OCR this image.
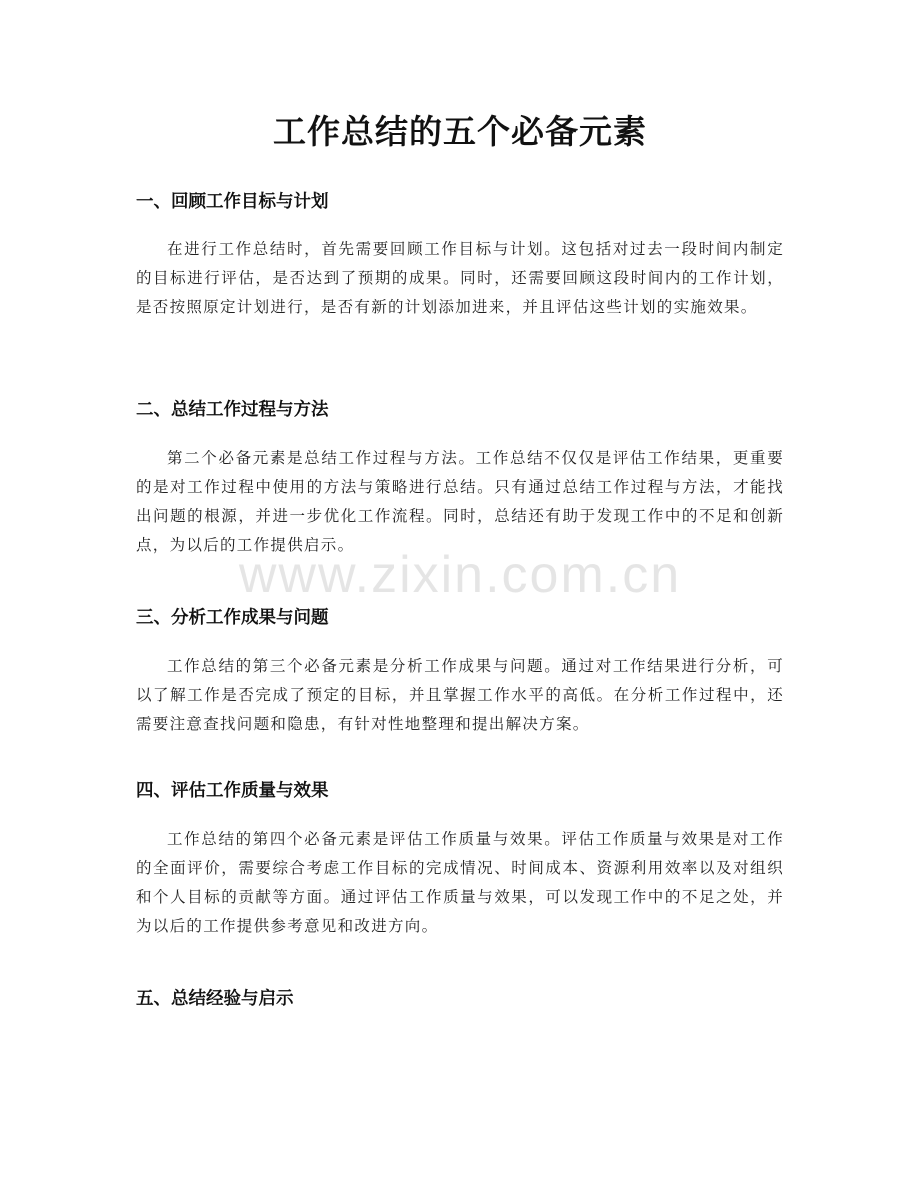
工作总结的五个必备元素
一、回顾工作目标与计划

在进行工作总结时，首先需要回顾工作目标与计划。这包括对过去一段时间内制定的目标进行评估，是否达到了预期的成果。同时，还需要回顾这段时间内的工作计划，是否按照原定计划进行，是否有新的计划添加进来，并且评估这些计划的实施效果。

二、总结工作过程与方法

第二个必备元素是总结工作过程与方法。工作总结不仅仅是评估工作结果，更重要的是对工作过程中使用的方法与策略进行总结。只有通过总结工作过程与方法，才能找出问题的根源，并进一步优化工作流程。同时，总结还有助于发现工作中的不足和创新点，为以后的工作提供启示。

三、分析工作成果与问题

工作总结的第三个必备元素是分析工作成果与问题。通过对工作结果进行分析，可以了解工作是否完成了预定的目标，并且掌握工作水平的高低。在分析工作过程中，还需要注意查找问题和隐患，有针对性地整理和提出解决方案。

四、评估工作质量与效果

工作总结的第四个必备元素是评估工作质量与效果。评估工作质量与效果是对工作的全面评价，需要综合考虑工作目标的完成情况、时间成本、资源利用效率以及对组织和个人目标的贡献等方面。通过评估工作质量与效果，可以发现工作中的不足之处，并为以后的工作提供参考意见和改进方向。

五、总结经验与启示
www.zixin.com.cn
